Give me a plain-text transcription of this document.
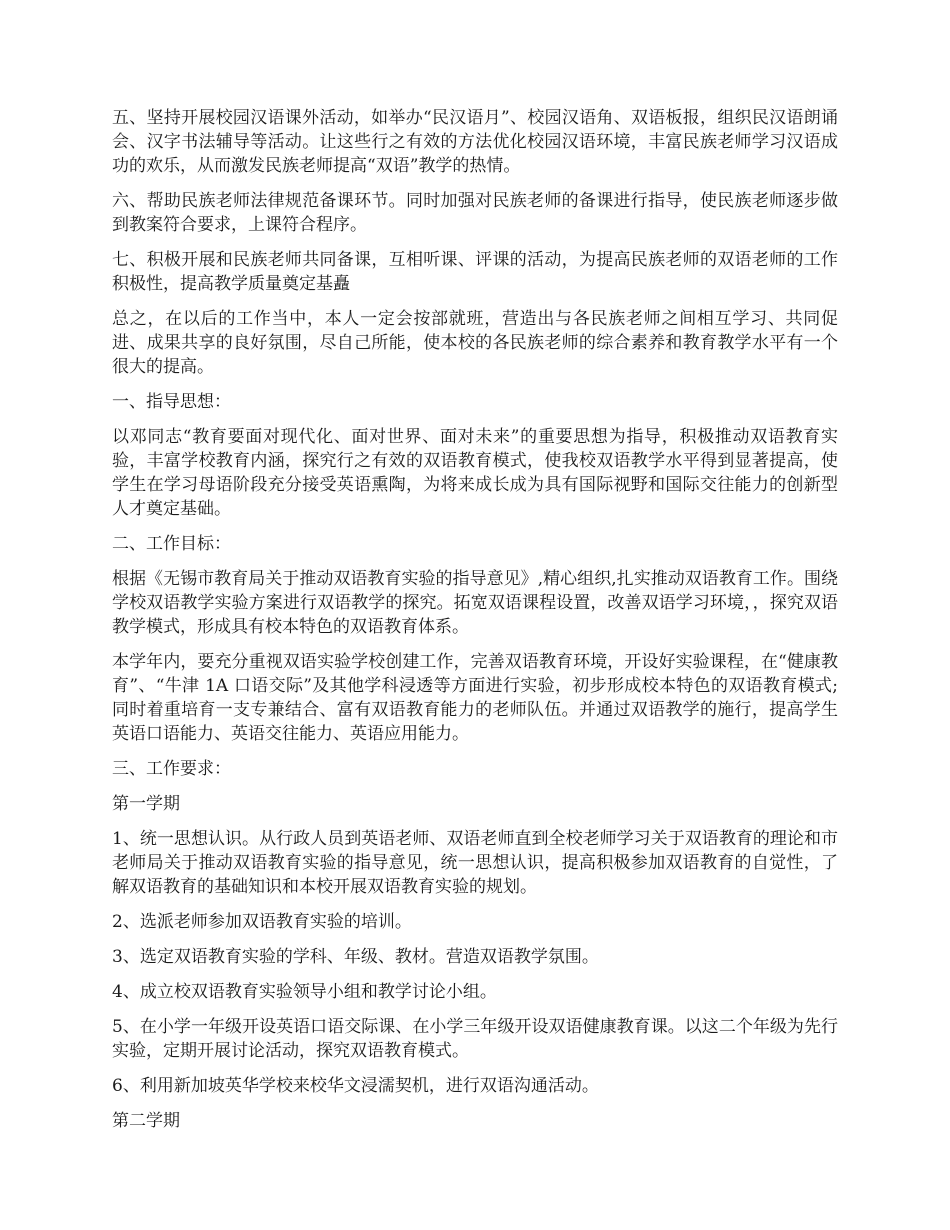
五、坚持开展校园汉语课外活动，如举办“民汉语月”、校园汉语角、双语板报，组织民汉语朗诵会、汉字书法辅导等活动。让这些行之有效的方法优化校园汉语环境，丰富民族老师学习汉语成功的欢乐，从而激发民族老师提高“双语”教学的热情。

六、帮助民族老师法律规范备课环节。同时加强对民族老师的备课进行指导，使民族老师逐步做到教案符合要求，上课符合程序。

七、积极开展和民族老师共同备课，互相听课、评课的活动，为提高民族老师的双语老师的工作积极性，提高教学质量奠定基矗

总之，在以后的工作当中，本人一定会按部就班，营造出与各民族老师之间相互学习、共同促进、成果共享的良好氛围，尽自己所能，使本校的各民族老师的综合素养和教育教学水平有一个很大的提高。

一、指导思想：

以邓同志“教育要面对现代化、面对世界、面对未来”的重要思想为指导，积极推动双语教育实验，丰富学校教育内涵，探究行之有效的双语教育模式，使我校双语教学水平得到显著提高，使学生在学习母语阶段充分接受英语熏陶，为将来成长成为具有国际视野和国际交往能力的创新型人才奠定基础。

二、工作目标：

根据《无锡市教育局关于推动双语教育实验的指导意见》,精心组织,扎实推动双语教育工作。围绕学校双语教学实验方案进行双语教学的探究。拓宽双语课程设置，改善双语学习环境，，探究双语教学模式，形成具有校本特色的双语教育体系。

本学年内，要充分重视双语实验学校创建工作，完善双语教育环境，开设好实验课程，在“健康教育”、“牛津 1A 口语交际”及其他学科浸透等方面进行实验，初步形成校本特色的双语教育模式;同时着重培育一支专兼结合、富有双语教育能力的老师队伍。并通过双语教学的施行，提高学生英语口语能力、英语交往能力、英语应用能力。

三、工作要求：

第一学期

1、统一思想认识。从行政人员到英语老师、双语老师直到全校老师学习关于双语教育的理论和市老师局关于推动双语教育实验的指导意见，统一思想认识，提高积极参加双语教育的自觉性，了解双语教育的基础知识和本校开展双语教育实验的规划。

2、选派老师参加双语教育实验的培训。

3、选定双语教育实验的学科、年级、教材。营造双语教学氛围。

4、成立校双语教育实验领导小组和教学讨论小组。

5、在小学一年级开设英语口语交际课、在小学三年级开设双语健康教育课。以这二个年级为先行实验，定期开展讨论活动，探究双语教育模式。

6、利用新加坡英华学校来校华文浸濡契机，进行双语沟通活动。

第二学期
